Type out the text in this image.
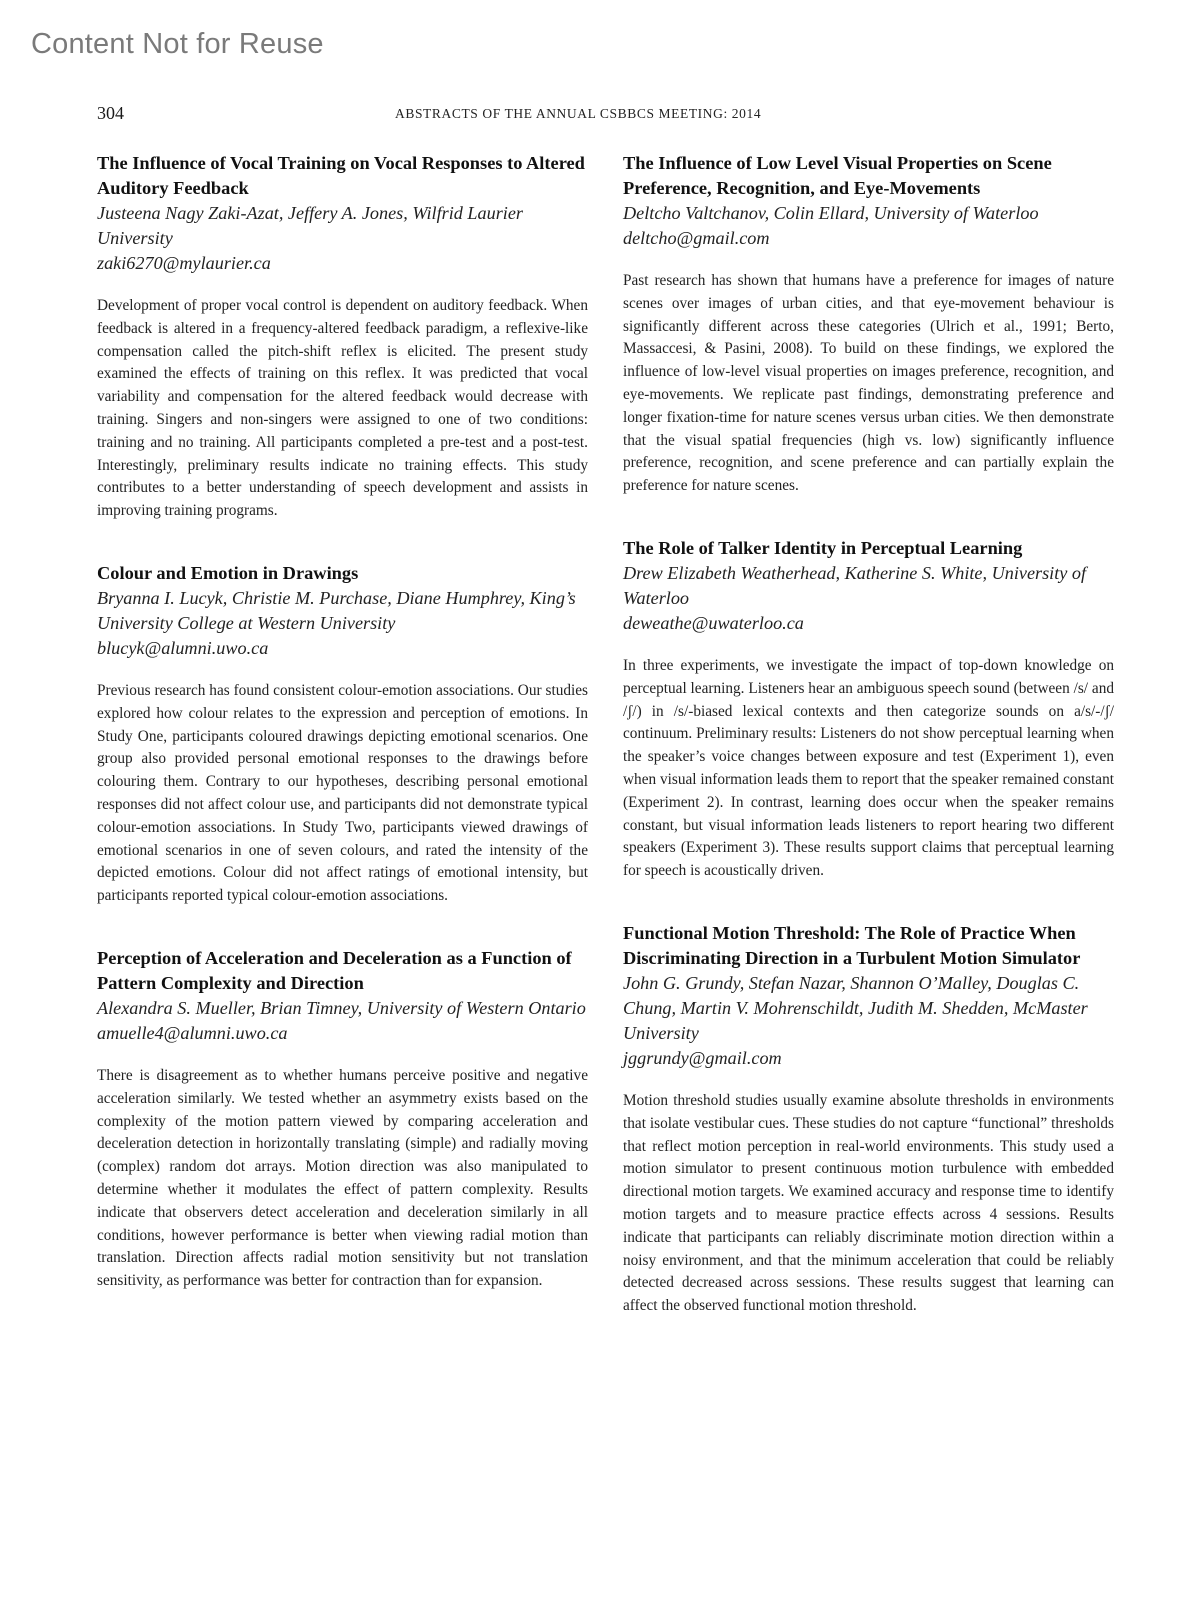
Content Not for Reuse
304	ABSTRACTS OF THE ANNUAL CSBBCS MEETING: 2014

The Influence of Vocal Training on Vocal Responses to Altered Auditory Feedback

Justeena Nagy Zaki-Azat, Jeffery A. Jones, Wilfrid Laurier University

zaki6270@mylaurier.ca

Development of proper vocal control is dependent on auditory feedback. When feedback is altered in a frequency-altered feedback paradigm, a reflexive-like compensation called the pitch-shift reflex is elicited. The present study examined the effects of training on this reflex. It was predicted that vocal variability and compensation for the altered feedback would decrease with training. Singers and non-singers were assigned to one of two conditions: training and no training. All participants completed a pre-test and a post-test. Interestingly, preliminary results indicate no training effects. This study contributes to a better understanding of speech development and assists in improving training programs.

Colour and Emotion in Drawings

Bryanna I. Lucyk, Christie M. Purchase, Diane Humphrey, King’s University College at Western University

blucyk@alumni.uwo.ca

Previous research has found consistent colour-emotion associations. Our studies explored how colour relates to the expression and perception of emotions. In Study One, participants coloured drawings depicting emotional scenarios. One group also provided personal emotional responses to the drawings before colouring them. Contrary to our hypotheses, describing personal emotional responses did not affect colour use, and participants did not demonstrate typical colour-emotion associations. In Study Two, participants viewed drawings of emotional scenarios in one of seven colours, and rated the intensity of the depicted emotions. Colour did not affect ratings of emotional intensity, but participants reported typical colour-emotion associations.

Perception of Acceleration and Deceleration as a Function of Pattern Complexity and Direction

Alexandra S. Mueller, Brian Timney, University of Western Ontario

amuelle4@alumni.uwo.ca

There is disagreement as to whether humans perceive positive and negative acceleration similarly. We tested whether an asymmetry exists based on the complexity of the motion pattern viewed by comparing acceleration and deceleration detection in horizontally translating (simple) and radially moving (complex) random dot arrays. Motion direction was also manipulated to determine whether it modulates the effect of pattern complexity. Results indicate that observers detect acceleration and deceleration similarly in all conditions, however performance is better when viewing radial motion than translation. Direction affects radial motion sensitivity but not translation sensitivity, as performance was better for contraction than for expansion.

The Influence of Low Level Visual Properties on Scene Preference, Recognition, and Eye-Movements

Deltcho Valtchanov, Colin Ellard, University of Waterloo

deltcho@gmail.com

Past research has shown that humans have a preference for images of nature scenes over images of urban cities, and that eye-movement behaviour is significantly different across these categories (Ulrich et al., 1991; Berto, Massaccesi, & Pasini, 2008). To build on these findings, we explored the influence of low-level visual properties on images preference, recognition, and eye-movements. We replicate past findings, demonstrating preference and longer fixation-time for nature scenes versus urban cities. We then demonstrate that the visual spatial frequencies (high vs. low) significantly influence preference, recognition, and scene preference and can partially explain the preference for nature scenes.

The Role of Talker Identity in Perceptual Learning

Drew Elizabeth Weatherhead, Katherine S. White, University of Waterloo

deweathe@uwaterloo.ca

In three experiments, we investigate the impact of top-down knowledge on perceptual learning. Listeners hear an ambiguous speech sound (between /s/ and /ʃ/) in /s/-biased lexical contexts and then categorize sounds on a/s/-/ʃ/ continuum. Preliminary results: Listeners do not show perceptual learning when the speaker’s voice changes between exposure and test (Experiment 1), even when visual information leads them to report that the speaker remained constant (Experiment 2). In contrast, learning does occur when the speaker remains constant, but visual information leads listeners to report hearing two different speakers (Experiment 3). These results support claims that perceptual learning for speech is acoustically driven.

Functional Motion Threshold: The Role of Practice When Discriminating Direction in a Turbulent Motion Simulator

John G. Grundy, Stefan Nazar, Shannon O’Malley, Douglas C. Chung, Martin V. Mohrenschildt, Judith M. Shedden, McMaster University

jggrundy@gmail.com

Motion threshold studies usually examine absolute thresholds in environments that isolate vestibular cues. These studies do not capture “functional” thresholds that reflect motion perception in real-world environments. This study used a motion simulator to present continuous motion turbulence with embedded directional motion targets. We examined accuracy and response time to identify motion targets and to measure practice effects across 4 sessions. Results indicate that participants can reliably discriminate motion direction within a noisy environment, and that the minimum acceleration that could be reliably detected decreased across sessions. These results suggest that learning can affect the observed functional motion threshold.
